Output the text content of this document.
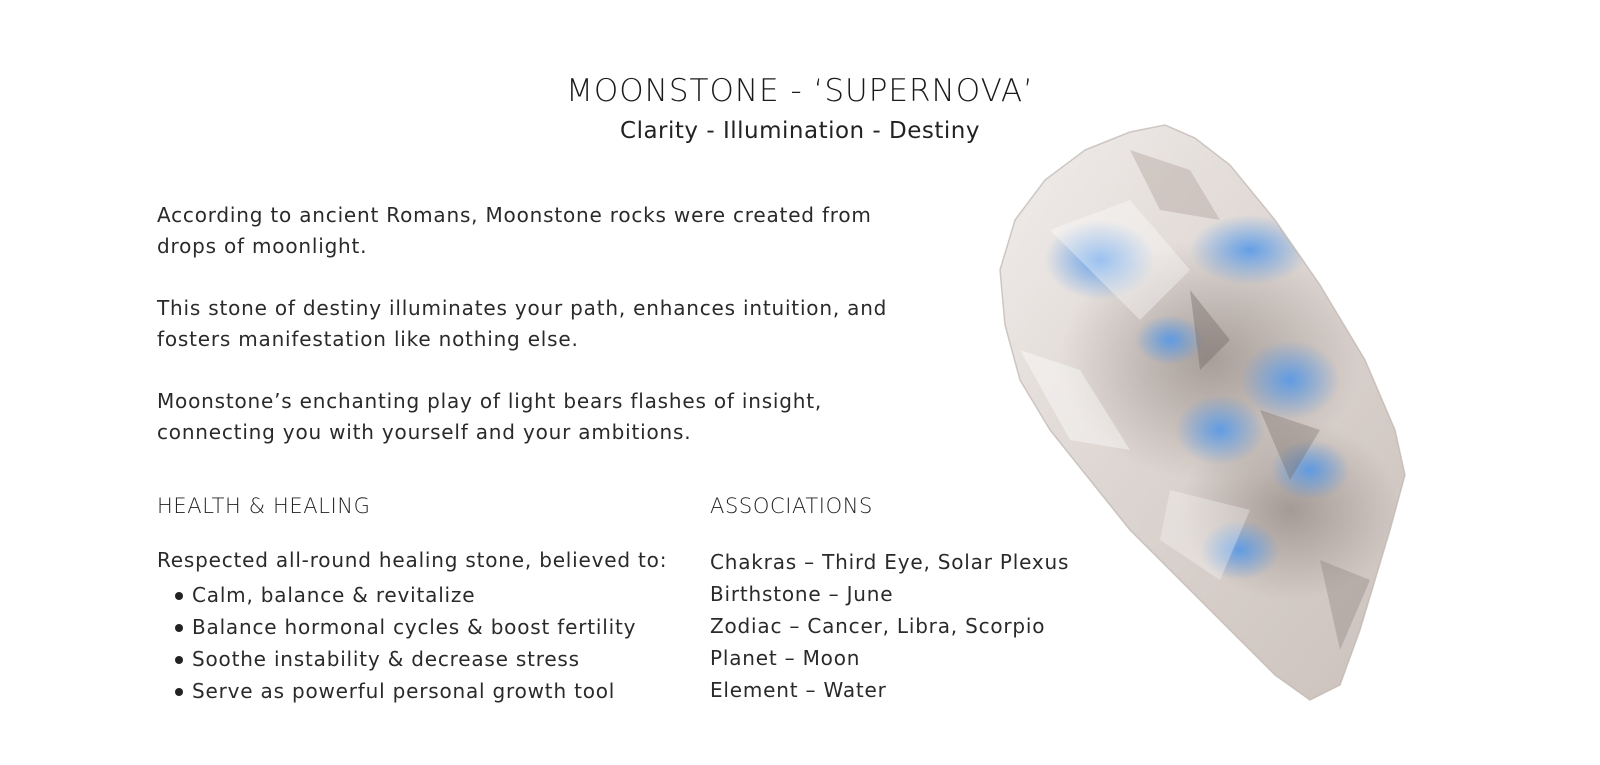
MOONSTONE - ‘SUPERNOVA’
Clarity - Illumination - Destiny

According to ancient Romans, Moonstone rocks were created from drops of moonlight.

This stone of destiny illuminates your path, enhances intuition, and fosters manifestation like nothing else.

Moonstone’s enchanting play of light bears flashes of insight, connecting you with yourself and your ambitions.

HEALTH & HEALING
Respected all-round healing stone, believed to:
Calm, balance & revitalize
Balance hormonal cycles & boost fertility
Soothe instability & decrease stress
Serve as powerful personal growth tool
ASSOCIATIONS
Chakras – Third Eye, Solar Plexus
Birthstone – June
Zodiac – Cancer, Libra, Scorpio
Planet – Moon
Element – Water
